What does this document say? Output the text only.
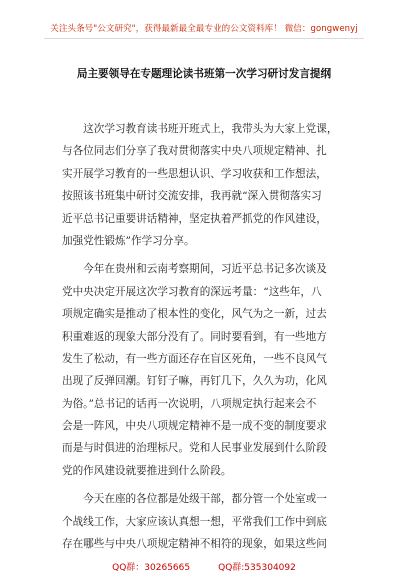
关注头条号"公文研究"，获得最新最全最专业的公文资料库！ 微信：gongwenyj
局主要领导在专题理论读书班第一次学习研讨发言提纲
　　这次学习教育读书班开班式上，我带头为大家上党课，
与各位同志们分享了我对贯彻落实中央八项规定精神、扎
实开展学习教育的一些思想认识、学习收获和工作想法，
按照该书班集中研讨交流安排，我再就“深入贯彻落实习
近平总书记重要讲话精神，坚定执着严抓党的作风建设，
加强党性锻炼”作学习分享。
　　今年在贵州和云南考察期间，习近平总书记多次谈及
党中央决定开展这次学习教育的深远考量：“这些年，八
项规定确实是推动了根本性的变化，风气为之一新，过去
积重难返的现象大部分没有了。同时要看到，有一些地方
发生了松动，有一些方面还存在盲区死角，一些不良风气
出现了反弹回潮。钉钉子嘛，再钉几下，久久为功，化风
为俗。”总书记的话再一次说明，八项规定执行起来会不
会是一阵风，中央八项规定精神不是一成不变的制度要求
而是与时俱进的治理标尺。党和人民事业发展到什么阶段
党的作风建设就要推进到什么阶段。
　　今天在座的各位都是处级干部，都分管一个处室或一
个战线工作，大家应该认真想一想，平常我们工作中到底
存在哪些与中央八项规定精神不相符的现象，如果这些问
QQ群：30265665	QQ群:535304092
